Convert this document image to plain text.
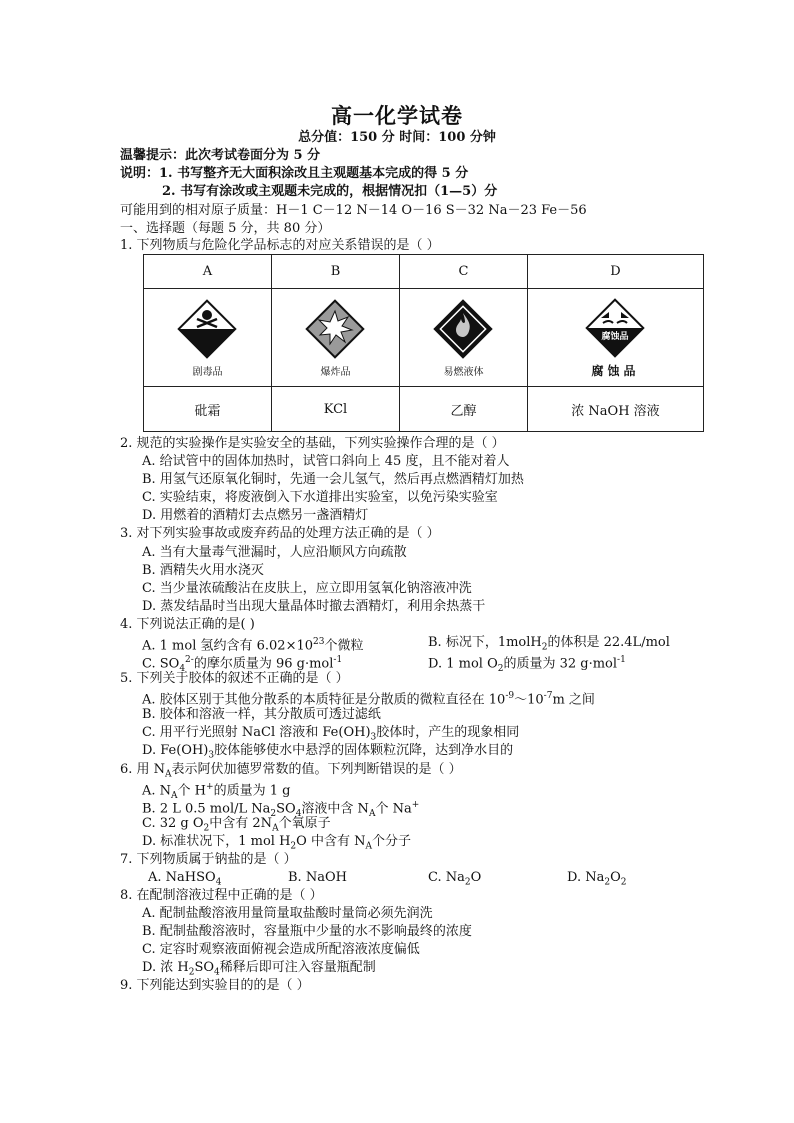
高一化学试卷
总分值：150 分 时间：100 分钟
温馨提示：此次考试卷面分为 5 分
说明：1. 书写整齐无大面积涂改且主观题基本完成的得 5 分
2. 书写有涂改或主观题未完成的，根据情况扣（1—5）分
可能用到的相对原子质量：H－1 C－12 N－14 O－16 S－32 Na－23 Fe－56
一、选择题（每题 5 分，共 80 分）
1. 下列物质与危险化学品标志的对应关系错误的是（ ）
A	B	C	D

剧毒品	爆炸品	易燃液体	腐蚀品
腐蚀品

砒霜	KCl	乙醇	浓 NaOH 溶液
2. 规范的实验操作是实验安全的基础，下列实验操作合理的是（ ）
A. 给试管中的固体加热时，试管口斜向上 45 度，且不能对着人
B. 用氢气还原氧化铜时，先通一会儿氢气，然后再点燃酒精灯加热
C. 实验结束，将废液倒入下水道排出实验室，以免污染实验室
D. 用燃着的酒精灯去点燃另一盏酒精灯
3. 对下列实验事故或废弃药品的处理方法正确的是（ ）
A. 当有大量毒气泄漏时，人应沿顺风方向疏散
B. 酒精失火用水浇灭
C. 当少量浓硫酸沾在皮肤上，应立即用氢氧化钠溶液冲洗
D. 蒸发结晶时当出现大量晶体时撤去酒精灯，利用余热蒸干
4. 下列说法正确的是( )
A. 1 mol 氢约含有 $6.02\times 10^{23}$个微粒	B. 标况下，1molH$_2$的体积是 22.4L/mol
C. $SO_4^{2-}$的摩尔质量为 96 g·mol$^{-1}$	D. 1 mol $O_2$的质量为 32 g·mol$^{-1}$
5. 下列关于胶体的叙述不正确的是（ ）
A. 胶体区别于其他分散系的本质特征是分散质的微粒直径在 $10^{-9}\sim 10^{-7}m$ 之间
B. 胶体和溶液一样，其分散质可透过滤纸
C. 用平行光照射 NaCl 溶液和 $Fe(OH)_3$胶体时，产生的现象相同
D. $Fe(OH)_3$胶体能够使水中悬浮的固体颗粒沉降，达到净水目的
6. 用 $N_A$表示阿伏加德罗常数的值。下列判断错误的是（ ）
A. $N_A$个 H+的质量为 1 g
B. 2 L 0.5 mol/L $Na_2SO_4$溶液中含 $N_A$个 Na+
C. 32 g $O_2$中含有 $2N_A$个氧原子
D. 标准状况下，1 mol $H_2O$ 中含有 $N_A$个分子
7. 下列物质属于钠盐的是（ ）
A. NaHSO$_4$	B. NaOH	C. $Na_2O$	D. $Na_2O_2$
8. 在配制溶液过程中正确的是（ ）
A. 配制盐酸溶液用量筒量取盐酸时量筒必须先润洗
B. 配制盐酸溶液时，容量瓶中少量的水不影响最终的浓度
C. 定容时观察液面俯视会造成所配溶液浓度偏低
D. 浓 $H_2SO_4$稀释后即可注入容量瓶配制
9. 下列能达到实验目的的是（ ）
